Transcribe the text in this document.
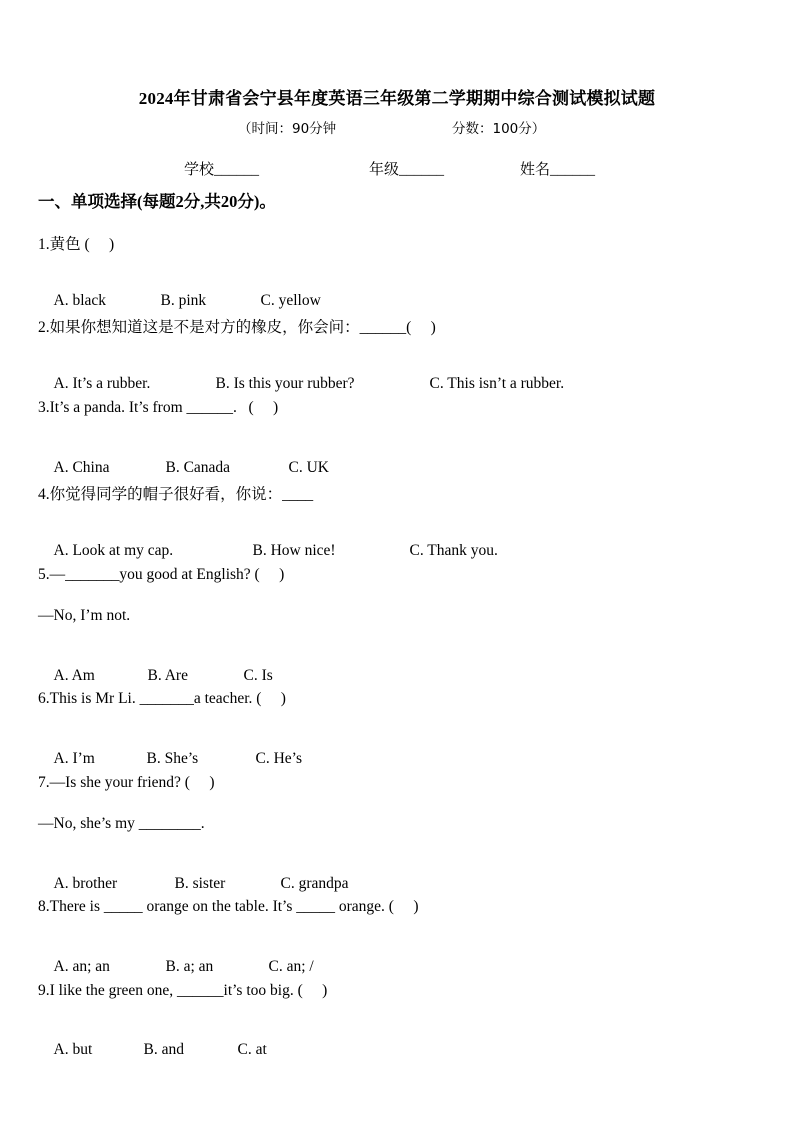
2024年甘肃省会宁县年度英语三年级第二学期期中综合测试模拟试题
（时间：90分钟	分数：100分）
学校______	年级______	姓名______
一、单项选择(每题2分,共20分)。
1.黄色 (     )

A. black	B. pink	C. yellow

2.如果你想知道这是不是对方的橡皮，你会问：______(     )

A. It’s a rubber.	B. Is this your rubber?	C. This isn’t a rubber.

3.It’s a panda. It’s from ______.   (     )

A. China	B. Canada	C. UK

4.你觉得同学的帽子很好看，你说：____

A. Look at my cap.	B. How nice!	C. Thank you.

5.—_______you good at English? (     )
—No, I’m not.

A. Am	B. Are	C. Is

6.This is Mr Li. _______a teacher. (     )

A. I’m	B. She’s	C. He’s

7.—Is she your friend? (     )
—No, she’s my ________.

A. brother	B. sister	C. grandpa

8.There is _____ orange on the table. It’s _____ orange. (     )

A. an; an	B. a; an	C. an; /

9.I like the green one, ______it’s too big. (     )

A. but	B. and	C. at
